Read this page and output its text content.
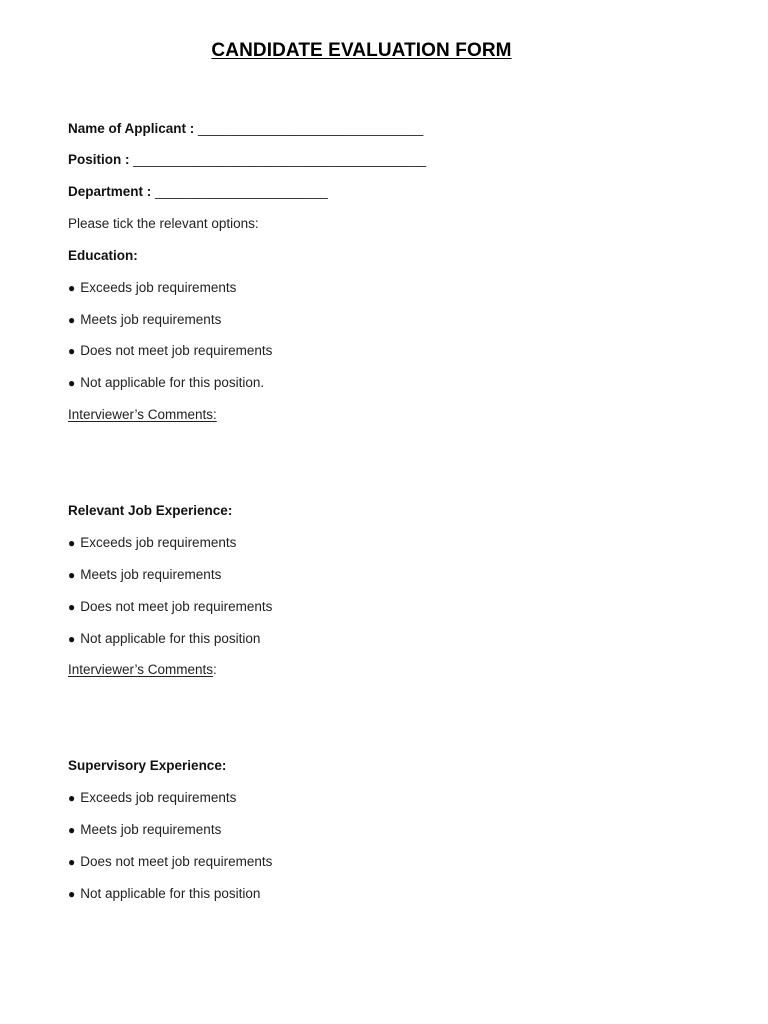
CANDIDATE EVALUATION FORM
Name of Applicant : ______________________________
Position : _______________________________________
Department : _______________________
Please tick the relevant options:
Education:
● Exceeds job requirements
● Meets job requirements
● Does not meet job requirements
● Not applicable for this position.
Interviewer’s Comments:
Relevant Job Experience:
● Exceeds job requirements
● Meets job requirements
● Does not meet job requirements
● Not applicable for this position
Interviewer’s Comments:
Supervisory Experience:
● Exceeds job requirements
● Meets job requirements
● Does not meet job requirements
● Not applicable for this position
